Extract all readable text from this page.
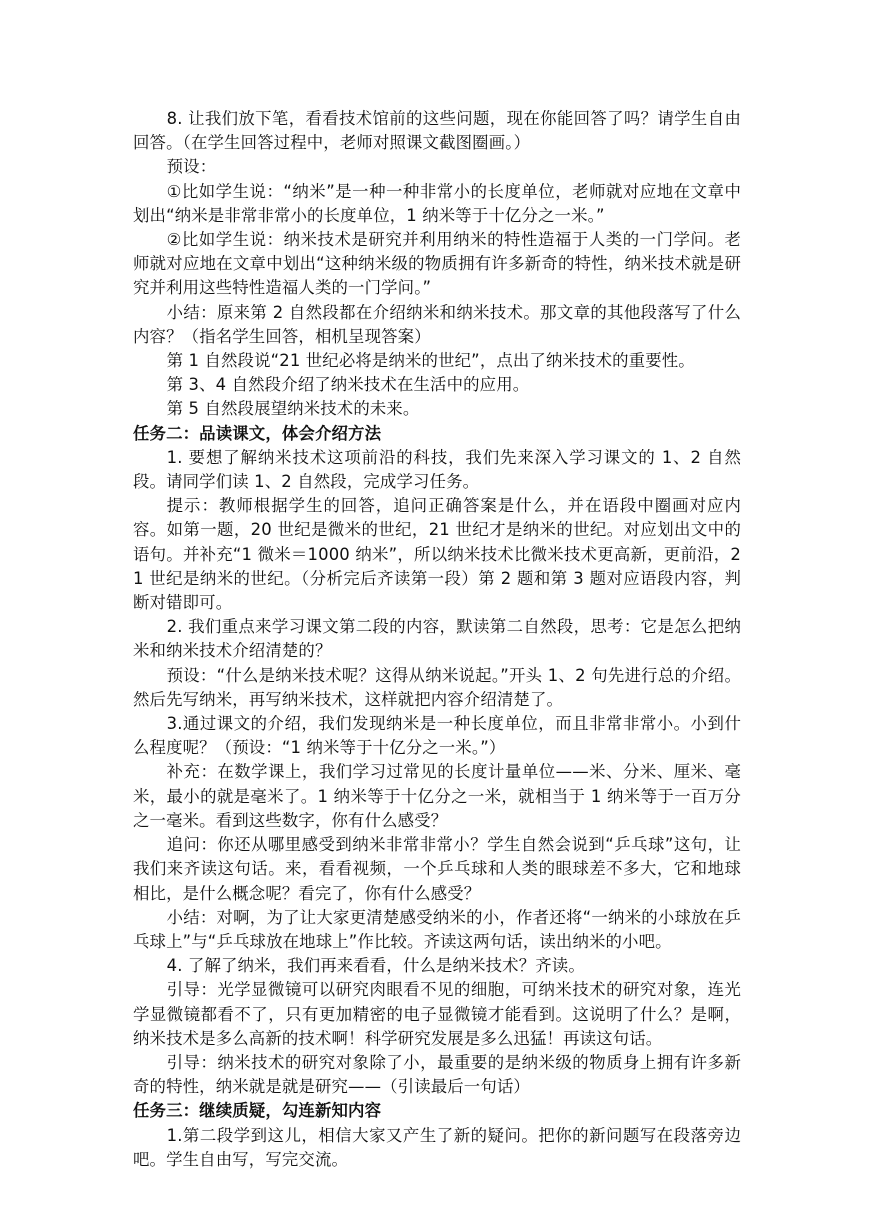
8. 让我们放下笔，看看技术馆前的这些问题，现在你能回答了吗？请学生自由回答。（在学生回答过程中，老师对照课文截图圈画。）

预设：

①比如学生说：“纳米”是一种一种非常小的长度单位，老师就对应地在文章中划出“纳米是非常非常小的长度单位，1 纳米等于十亿分之一米。”

②比如学生说：纳米技术是研究并利用纳米的特性造福于人类的一门学问。老师就对应地在文章中划出“这种纳米级的物质拥有许多新奇的特性，纳米技术就是研究并利用这些特性造福人类的一门学问。”

小结：原来第 2 自然段都在介绍纳米和纳米技术。那文章的其他段落写了什么内容？（指名学生回答，相机呈现答案）

第 1 自然段说“21 世纪必将是纳米的世纪”，点出了纳米技术的重要性。

第 3、4 自然段介绍了纳米技术在生活中的应用。

第 5 自然段展望纳米技术的未来。

任务二：品读课文，体会介绍方法

1. 要想了解纳米技术这项前沿的科技，我们先来深入学习课文的 1、2 自然段。请同学们读 1、2 自然段，完成学习任务。

提示：教师根据学生的回答，追问正确答案是什么，并在语段中圈画对应内容。如第一题，20 世纪是微米的世纪，21 世纪才是纳米的世纪。对应划出文中的语句。并补充“1 微米＝1000 纳米”，所以纳米技术比微米技术更高新，更前沿，21 世纪是纳米的世纪。（分析完后齐读第一段）第 2 题和第 3 题对应语段内容，判断对错即可。

2. 我们重点来学习课文第二段的内容，默读第二自然段，思考：它是怎么把纳米和纳米技术介绍清楚的？

预设：“什么是纳米技术呢？这得从纳米说起。”开头 1、2 句先进行总的介绍。然后先写纳米，再写纳米技术，这样就把内容介绍清楚了。

3.通过课文的介绍，我们发现纳米是一种长度单位，而且非常非常小。小到什么程度呢？（预设：“1 纳米等于十亿分之一米。”）

补充：在数学课上，我们学习过常见的长度计量单位——米、分米、厘米、毫米，最小的就是毫米了。1 纳米等于十亿分之一米，就相当于 1 纳米等于一百万分之一毫米。看到这些数字，你有什么感受？

追问：你还从哪里感受到纳米非常非常小？学生自然会说到“乒乓球”这句，让我们来齐读这句话。来，看看视频，一个乒乓球和人类的眼球差不多大，它和地球相比，是什么概念呢？看完了，你有什么感受？

小结：对啊，为了让大家更清楚感受纳米的小，作者还将“一纳米的小球放在乒乓球上”与“乒乓球放在地球上”作比较。齐读这两句话，读出纳米的小吧。

4. 了解了纳米，我们再来看看，什么是纳米技术？齐读。

引导：光学显微镜可以研究肉眼看不见的细胞，可纳米技术的研究对象，连光学显微镜都看不了，只有更加精密的电子显微镜才能看到。这说明了什么？是啊，纳米技术是多么高新的技术啊！科学研究发展是多么迅猛！再读这句话。

引导：纳米技术的研究对象除了小，最重要的是纳米级的物质身上拥有许多新奇的特性，纳米就是就是研究——（引读最后一句话）

任务三：继续质疑，勾连新知内容

1.第二段学到这儿，相信大家又产生了新的疑问。把你的新问题写在段落旁边吧。学生自由写，写完交流。
